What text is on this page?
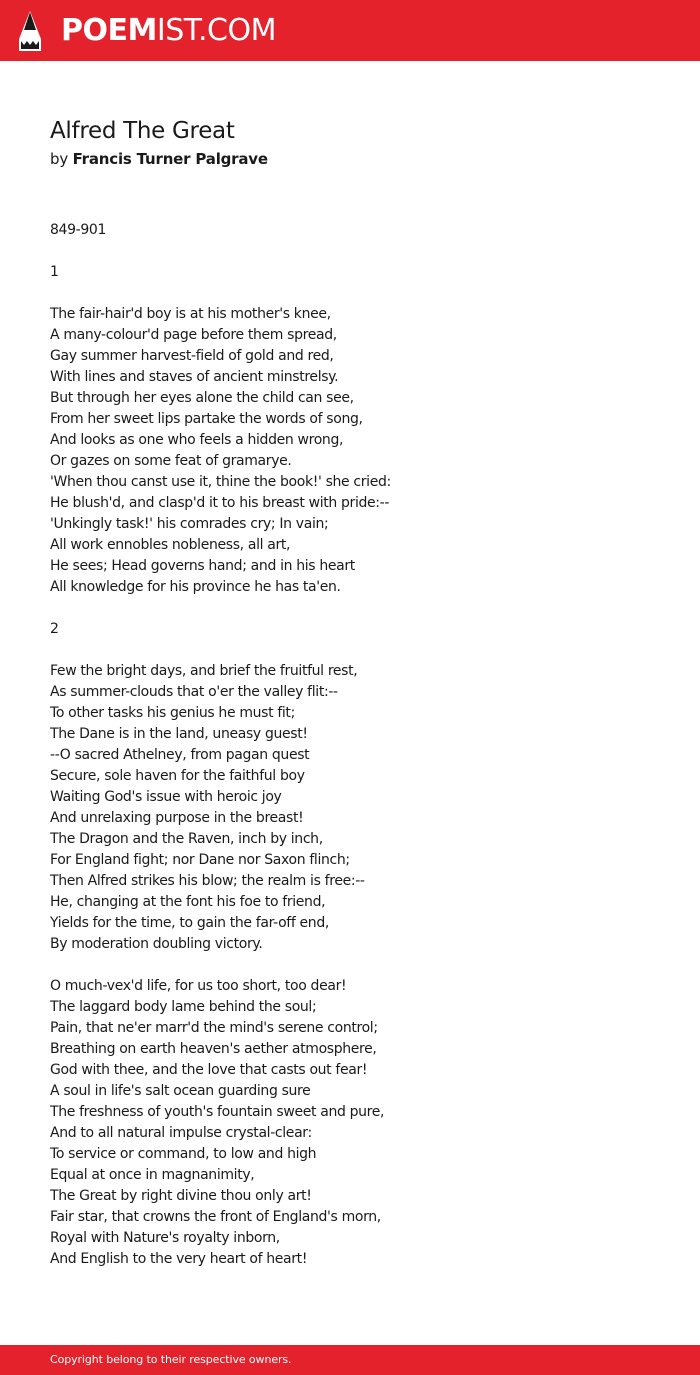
POEMIST.COM
Alfred The Great
by Francis Turner Palgrave
849-901
1
The fair-hair'd boy is at his mother's knee,
A many-colour'd page before them spread,
Gay summer harvest-field of gold and red,
With lines and staves of ancient minstrelsy.
But through her eyes alone the child can see,
From her sweet lips partake the words of song,
And looks as one who feels a hidden wrong,
Or gazes on some feat of gramarye.
'When thou canst use it, thine the book!' she cried:
He blush'd, and clasp'd it to his breast with pride:--
'Unkingly task!' his comrades cry; In vain;
All work ennobles nobleness, all art,
He sees; Head governs hand; and in his heart
All knowledge for his province he has ta'en.
2
Few the bright days, and brief the fruitful rest,
As summer-clouds that o'er the valley flit:--
To other tasks his genius he must fit;
The Dane is in the land, uneasy guest!
--O sacred Athelney, from pagan quest
Secure, sole haven for the faithful boy
Waiting God's issue with heroic joy
And unrelaxing purpose in the breast!
The Dragon and the Raven, inch by inch,
For England fight; nor Dane nor Saxon flinch;
Then Alfred strikes his blow; the realm is free:--
He, changing at the font his foe to friend,
Yields for the time, to gain the far-off end,
By moderation doubling victory.
O much-vex'd life, for us too short, too dear!
The laggard body lame behind the soul;
Pain, that ne'er marr'd the mind's serene control;
Breathing on earth heaven's aether atmosphere,
God with thee, and the love that casts out fear!
A soul in life's salt ocean guarding sure
The freshness of youth's fountain sweet and pure,
And to all natural impulse crystal-clear:
To service or command, to low and high
Equal at once in magnanimity,
The Great by right divine thou only art!
Fair star, that crowns the front of England's morn,
Royal with Nature's royalty inborn,
And English to the very heart of heart!
Copyright belong to their respective owners.
